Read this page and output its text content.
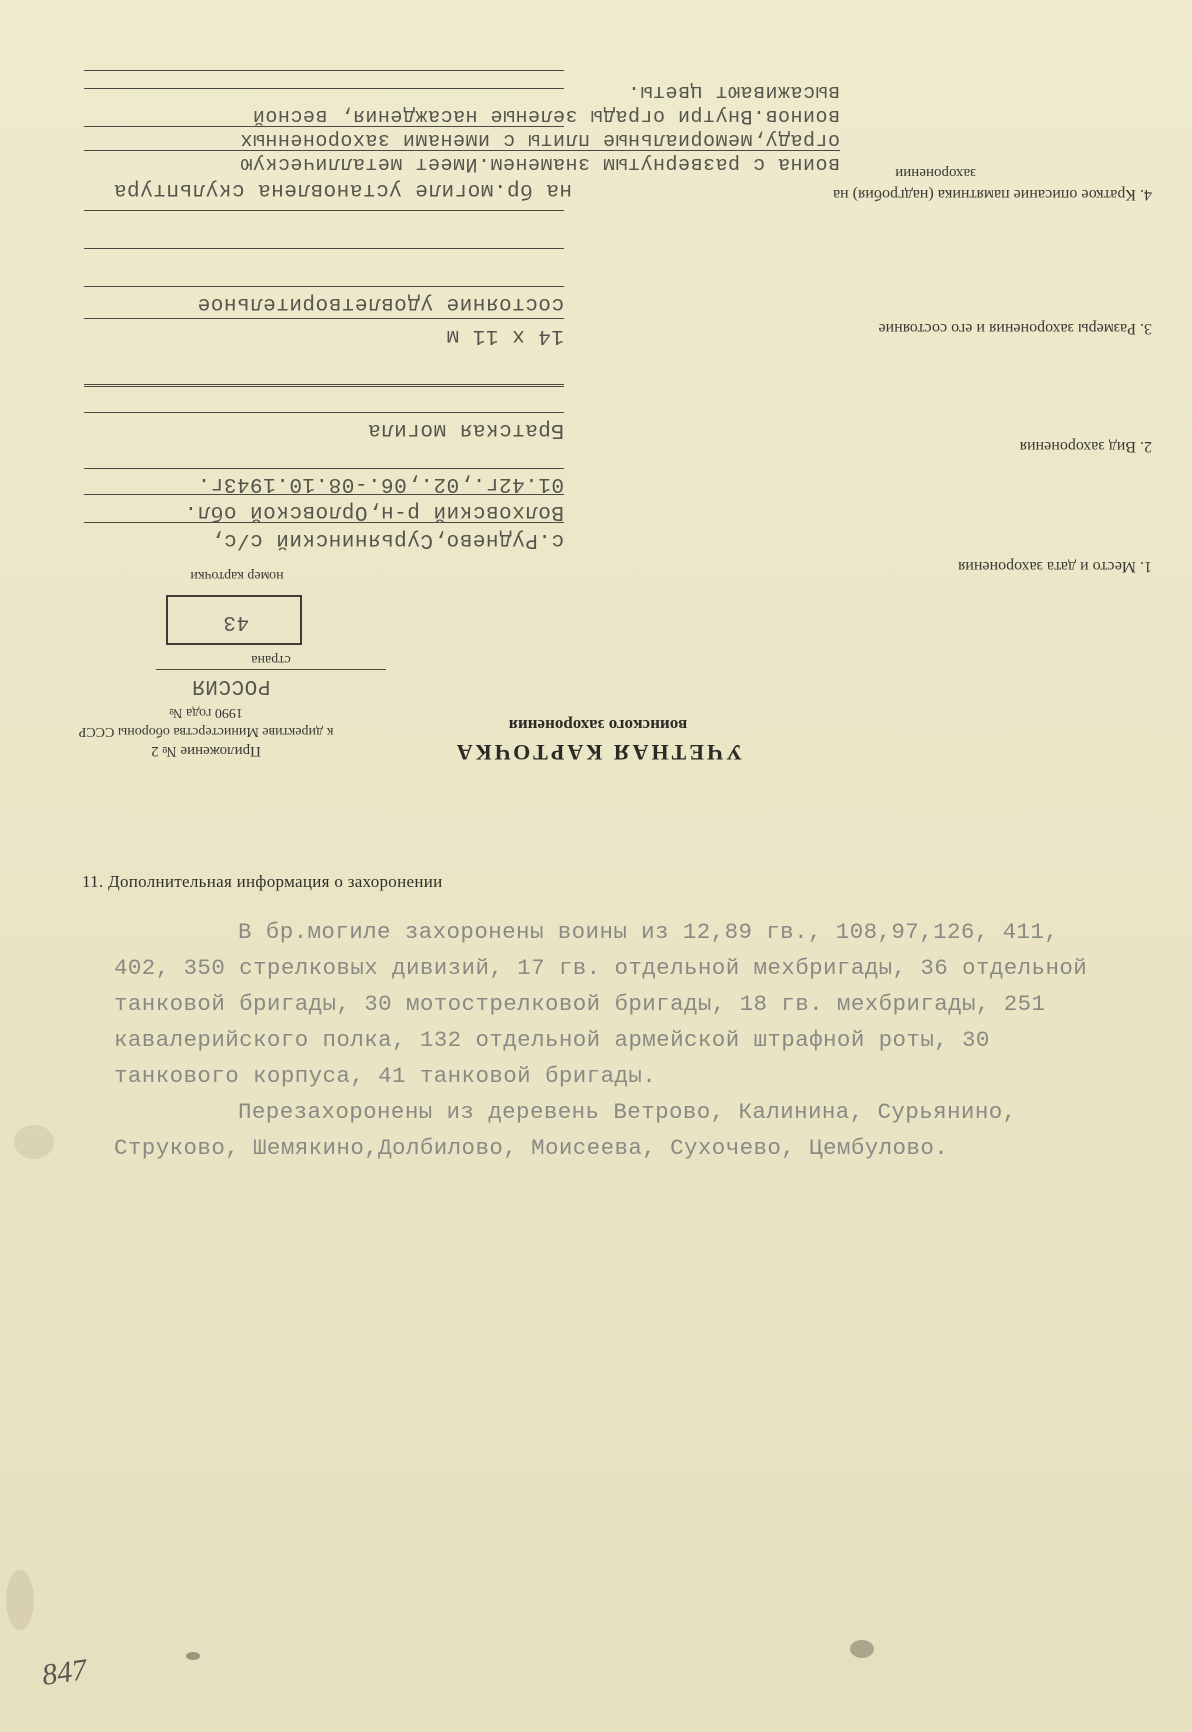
УЧЕТНАЯ КАРТОЧКА
воинского захоронения
Приложение № 2
к директиве Министерства обороны СССР
1990 года №
РОССИЯ
страна
43
номер карточки
1. Место и дата захоронения
с.Руднево,Сурьянинский с/с,
Волховский р-н,Орловской обл.
01.42г.,02.,06.-08.10.1943г.
2. Вид захоронения
Братская могила
3. Размеры захоронения и его состояние
14 х 11 м
состояние удовлетворительное
4. Краткое описание памятника (надгробия) на
захоронении
на бр.могиле установлена скульптура
воина с развернутым знаменем.Имеет металлическую
ограду,мемориальные плиты с именами захороненных
воинов.Внутри ограды зеленые насаждения, весной
высаживают цветы.
11. Дополнительная информация о захоронении

В бр.могиле захоронены воины из 12,89 гв., 108,97,126, 411, 402, 350 стрелковых дивизий, 17 гв. отдельной мехбригады, 36 отдельной танковой бригады, 30 мотострелковой бригады, 18 гв. мехбригады, 251 кавалерийского полка, 132 отдельной армейской штрафной роты, 30 танкового корпуса, 41 танковой бригады.

Перезахоронены из деревень Ветрово, Калинина, Сурьянино, Струково, Шемякино,Долбилово, Моисеева, Сухочево, Цембулово.

847
